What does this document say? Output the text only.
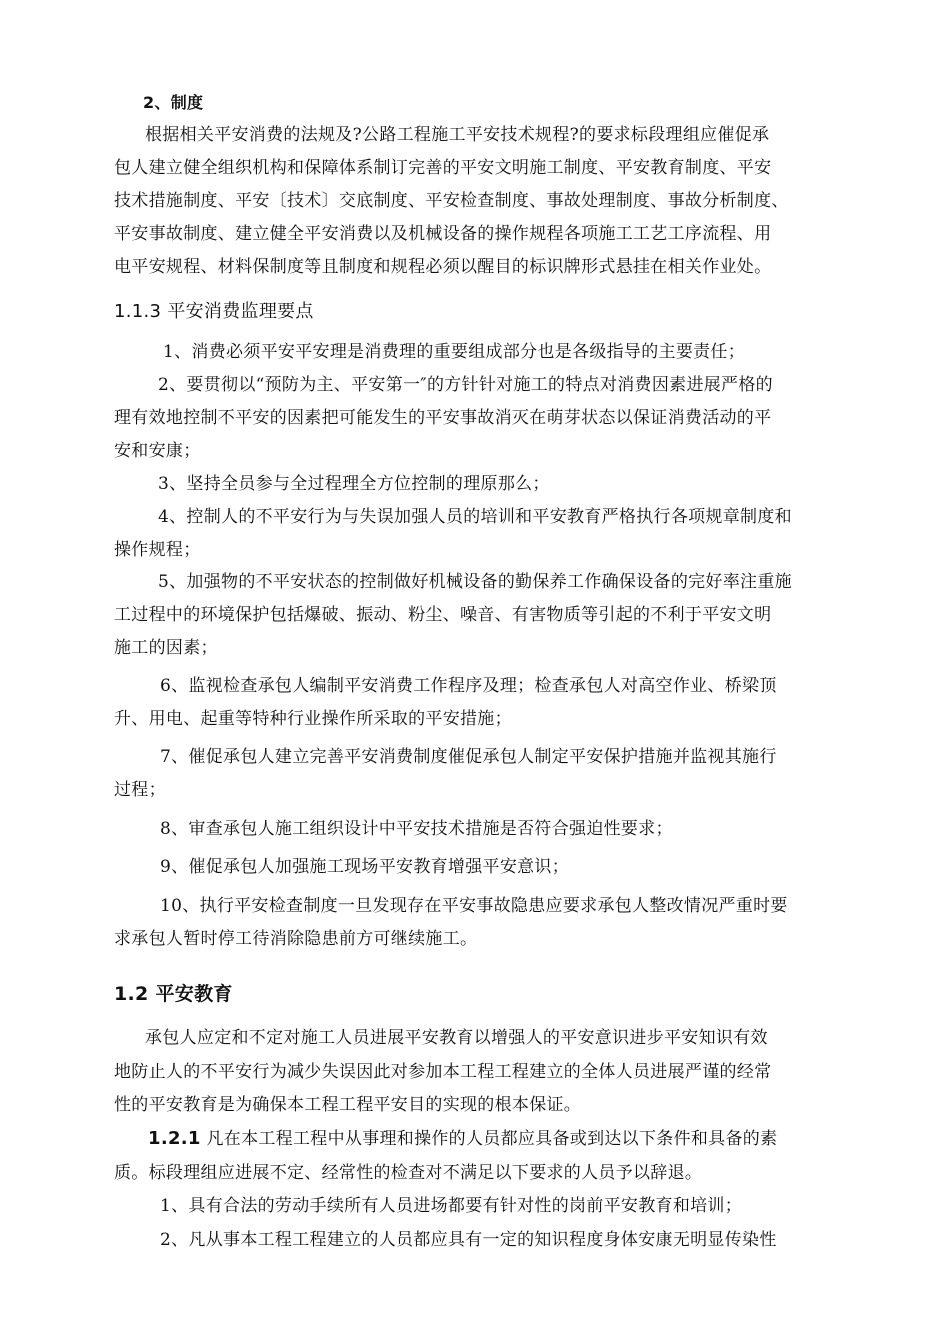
2、制度
根据相关平安消费的法规及?公路工程施工平安技术规程?的要求标段理组应催促承
包人建立健全组织机构和保障体系制订完善的平安文明施工制度、平安教育制度、平安
技术措施制度、平安〔技术〕交底制度、平安检查制度、事故处理制度、事故分析制度、
平安事故制度、建立健全平安消费以及机械设备的操作规程各项施工工艺工序流程、用
电平安规程、材料保制度等且制度和规程必须以醒目的标识牌形式悬挂在相关作业处。
1.1.3 平安消费监理要点
1、消费必须平安平安理是消费理的重要组成部分也是各级指导的主要责任；
2、要贯彻以“预防为主、平安第一″的方针针对施工的特点对消费因素进展严格的
理有效地控制不平安的因素把可能发生的平安事故消灭在萌芽状态以保证消费活动的平
安和安康；
3、坚持全员参与全过程理全方位控制的理原那么；
4、控制人的不平安行为与失误加强人员的培训和平安教育严格执行各项规章制度和
操作规程；
5、加强物的不平安状态的控制做好机械设备的勤保养工作确保设备的完好率注重施
工过程中的环境保护包括爆破、振动、粉尘、噪音、有害物质等引起的不利于平安文明
施工的因素；
6、监视检查承包人编制平安消费工作程序及理；检查承包人对高空作业、桥梁顶
升、用电、起重等特种行业操作所采取的平安措施；
7、催促承包人建立完善平安消费制度催促承包人制定平安保护措施并监视其施行
过程；
8、审查承包人施工组织设计中平安技术措施是否符合强迫性要求；
9、催促承包人加强施工现场平安教育增强平安意识；
10、执行平安检查制度一旦发现存在平安事故隐患应要求承包人整改情况严重时要
求承包人暂时停工待消除隐患前方可继续施工。
1.2 平安教育
承包人应定和不定对施工人员进展平安教育以增强人的平安意识进步平安知识有效
地防止人的不平安行为减少失误因此对参加本工程工程建立的全体人员进展严谨的经常
性的平安教育是为确保本工程工程平安目的实现的根本保证。
1.2.1 凡在本工程工程中从事理和操作的人员都应具备或到达以下条件和具备的素
质。标段理组应进展不定、经常性的检查对不满足以下要求的人员予以辞退。
1、具有合法的劳动手续所有人员进场都要有针对性的岗前平安教育和培训；
2、凡从事本工程工程建立的人员都应具有一定的知识程度身体安康无明显传染性
